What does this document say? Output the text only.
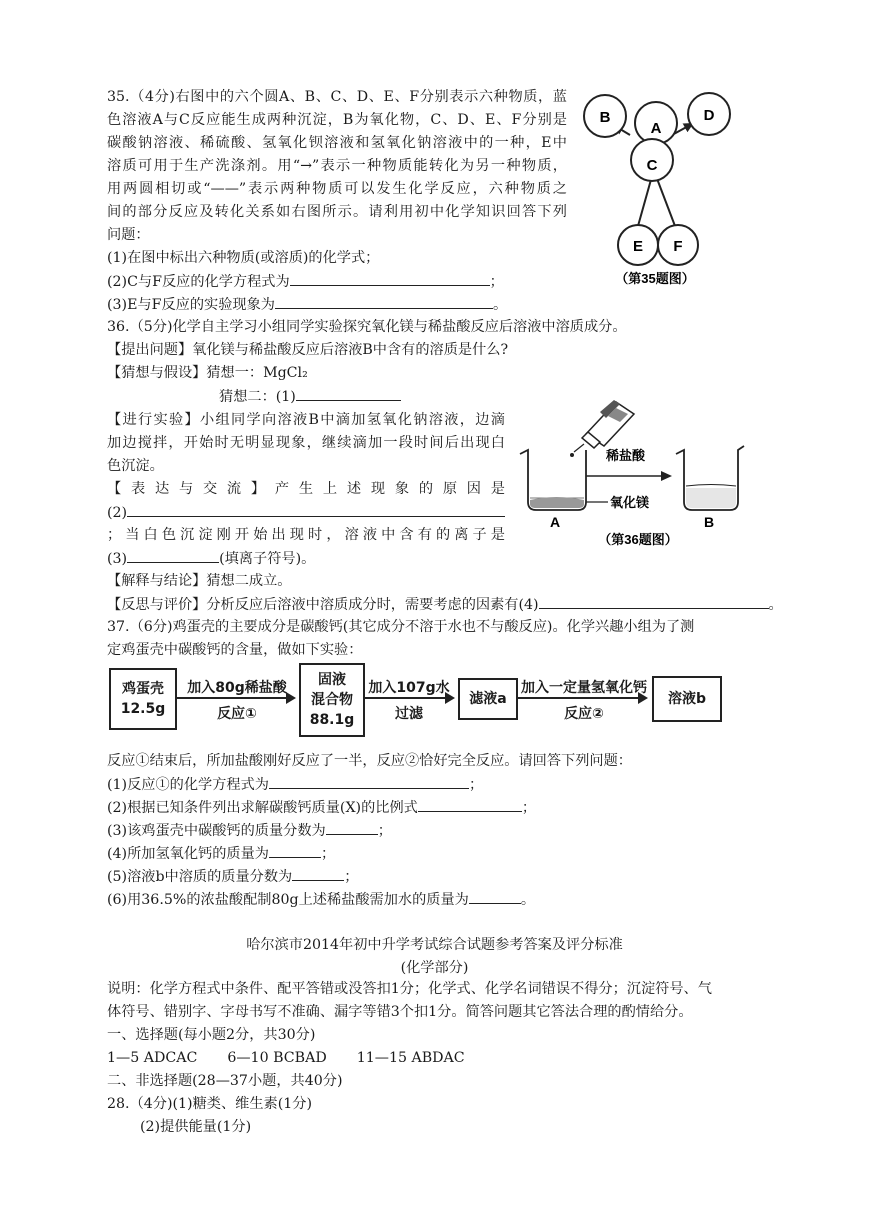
35.（4分)右图中的六个圆A、B、C、D、E、F分别表示六种物质，蓝
色溶液A与C反应能生成两种沉淀，B为氧化物，C、D、E、F分别是
碳酸钠溶液、稀硫酸、氢氧化钡溶液和氢氧化钠溶液中的一种，E中
溶质可用于生产洗涤剂。用“→”表示一种物质能转化为另一种物质，
用两圆相切或“——”表示两种物质可以发生化学反应，六种物质之
间的部分反应及转化关系如右图所示。请利用初中化学知识回答下列
问题：
(1)在图中标出六种物质(或溶质)的化学式；
(2)C与F反应的化学方程式为	；
(3)E与F反应的实验现象为	。
B
A
D
C
E F
（第35题图）
36.（5分)化学自主学习小组同学实验探究氧化镁与稀盐酸反应后溶液中溶质成分。
【提出问题】氧化镁与稀盐酸反应后溶液B中含有的溶质是什么?
【猜想与假设】猜想一：MgCl₂
猜想二：(1)
【进行实验】小组同学向溶液B中滴加氢氧化钠溶液，边滴
加边搅拌，开始时无明显现象，继续滴加一段时间后出现白
色沉淀。
【 表 达 与 交 流 】 产 生 上 述 现 象 的 原 因 是
(2)
；当白色沉淀刚开始出现时，溶液中含有的离子是
(3)	(填离子符号)。
【解释与结论】猜想二成立。
【反思与评价】分析反应后溶液中溶质成分时，需要考虑的因素有(4)	。
稀盐酸
氧化镁
A	B
（第36题图）
37.（6分)鸡蛋壳的主要成分是碳酸钙(其它成分不溶于水也不与酸反应)。化学兴趣小组为了测
定鸡蛋壳中碳酸钙的含量，做如下实验：
鸡蛋壳
12.5g
加入80g稀盐酸
反应①
固液
混合物
88.1g
加入107g水
过滤
滤液a
加入一定量氢氧化钙
反应②
溶液b
反应①结束后，所加盐酸刚好反应了一半，反应②恰好完全反应。请回答下列问题：
(1)反应①的化学方程式为	；
(2)根据已知条件列出求解碳酸钙质量(X)的比例式	；
(3)该鸡蛋壳中碳酸钙的质量分数为	；
(4)所加氢氧化钙的质量为	；
(5)溶液b中溶质的质量分数为	；
(6)用36.5%的浓盐酸配制80g上述稀盐酸需加水的质量为	。
哈尔滨市2014年初中升学考试综合试题参考答案及评分标准
(化学部分)
说明：化学方程式中条件、配平答错或没答扣1分；化学式、化学名词错误不得分；沉淀符号、气
体符号、错别字、字母书写不准确、漏字等错3个扣1分。简答问题其它答法合理的酌情给分。
一、选择题(每小题2分，共30分)
1—5 ADCAC 6—10 BCBAD 11—15 ABDAC
二、非选择题(28—37小题，共40分)
28.（4分)(1)糖类、维生素(1分)
(2)提供能量(1分)
